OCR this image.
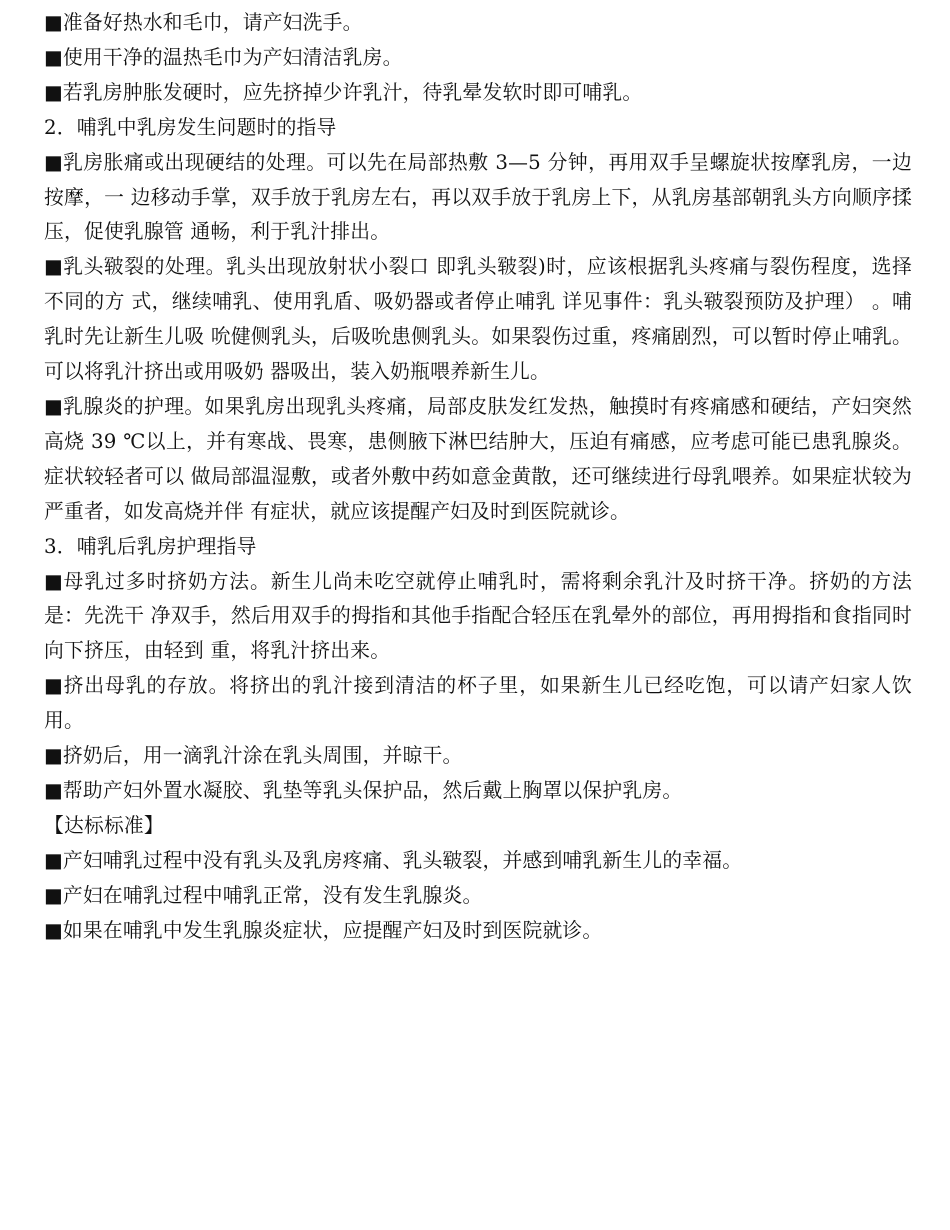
■准备好热水和毛巾，请产妇洗手。

■使用干净的温热毛巾为产妇清洁乳房。

■若乳房肿胀发硬时，应先挤掉少许乳汁，待乳晕发软时即可哺乳。

2．哺乳中乳房发生问题时的指导

■乳房胀痛或出现硬结的处理。可以先在局部热敷 3—5 分钟，再用双手呈螺旋状按摩乳房，一边按摩，一 边移动手掌，双手放于乳房左右，再以双手放于乳房上下，从乳房基部朝乳头方向顺序揉压，促使乳腺管 通畅，利于乳汁排出。

■乳头皲裂的处理。乳头出现放射状小裂口 即乳头皲裂)时，应该根据乳头疼痛与裂伤程度，选择不同的方 式，继续哺乳、使用乳盾、吸奶器或者停止哺乳 详见事件：乳头皲裂预防及护理） 。哺乳时先让新生儿吸 吮健侧乳头，后吸吮患侧乳头。如果裂伤过重，疼痛剧烈，可以暂时停止哺乳。可以将乳汁挤出或用吸奶 器吸出，装入奶瓶喂养新生儿。

■乳腺炎的护理。如果乳房出现乳头疼痛，局部皮肤发红发热，触摸时有疼痛感和硬结，产妇突然高烧 39 ℃以上，并有寒战、畏寒，患侧腋下淋巴结肿大，压迫有痛感，应考虑可能已患乳腺炎。症状较轻者可以 做局部温湿敷，或者外敷中药如意金黄散，还可继续进行母乳喂养。如果症状较为严重者，如发高烧并伴 有症状，就应该提醒产妇及时到医院就诊。

3．哺乳后乳房护理指导

■母乳过多时挤奶方法。新生儿尚未吃空就停止哺乳时，需将剩余乳汁及时挤干净。挤奶的方法是：先洗干 净双手，然后用双手的拇指和其他手指配合轻压在乳晕外的部位，再用拇指和食指同时向下挤压，由轻到 重，将乳汁挤出来。

■挤出母乳的存放。将挤出的乳汁接到清洁的杯子里，如果新生儿已经吃饱，可以请产妇家人饮用。

■挤奶后，用一滴乳汁涂在乳头周围，并晾干。

■帮助产妇外置水凝胶、乳垫等乳头保护品，然后戴上胸罩以保护乳房。

【达标标准】

■产妇哺乳过程中没有乳头及乳房疼痛、乳头皲裂，并感到哺乳新生儿的幸福。

■产妇在哺乳过程中哺乳正常，没有发生乳腺炎。

■如果在哺乳中发生乳腺炎症状，应提醒产妇及时到医院就诊。
